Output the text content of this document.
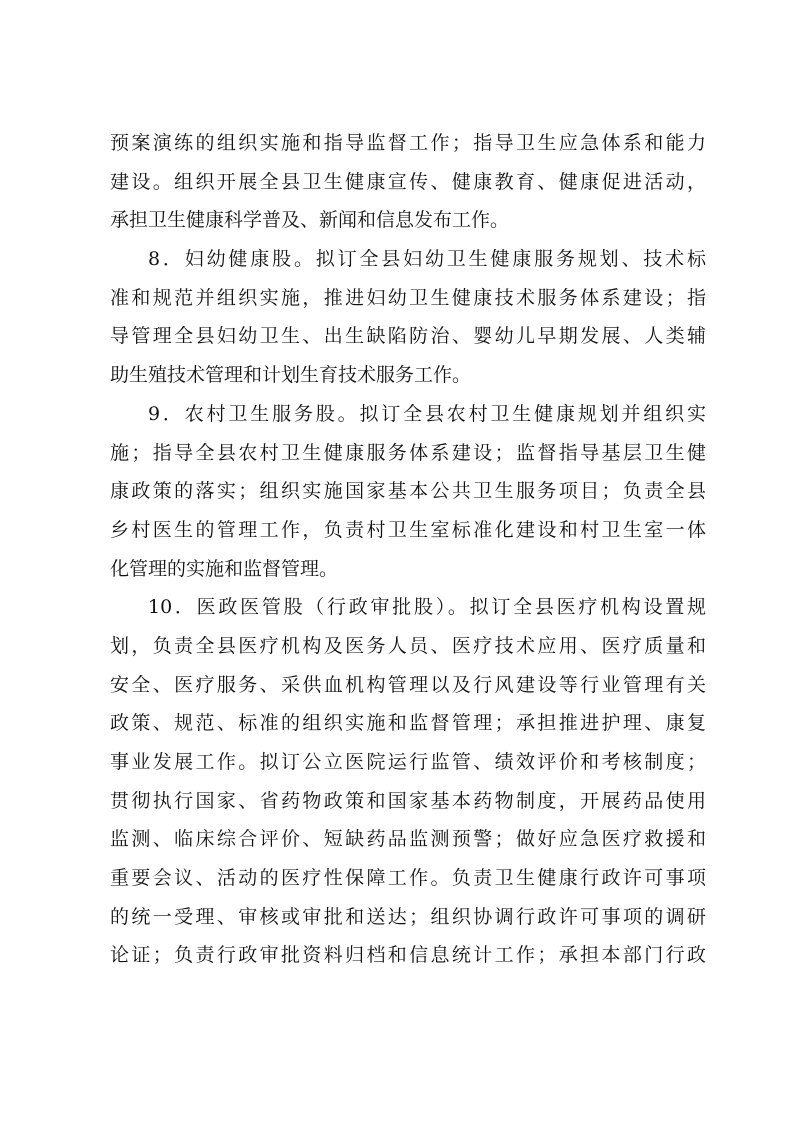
预案演练的组织实施和指导监督工作；指导卫生应急体系和能力
建设。组织开展全县卫生健康宣传、健康教育、健康促进活动，
承担卫生健康科学普及、新闻和信息发布工作。
8．妇幼健康股。拟订全县妇幼卫生健康服务规划、技术标
准和规范并组织实施，推进妇幼卫生健康技术服务体系建设；指
导管理全县妇幼卫生、出生缺陷防治、婴幼儿早期发展、人类辅
助生殖技术管理和计划生育技术服务工作。
9．农村卫生服务股。拟订全县农村卫生健康规划并组织实
施；指导全县农村卫生健康服务体系建设；监督指导基层卫生健
康政策的落实；组织实施国家基本公共卫生服务项目；负责全县
乡村医生的管理工作，负责村卫生室标准化建设和村卫生室一体
化管理的实施和监督管理。
10．医政医管股（行政审批股）。拟订全县医疗机构设置规
划，负责全县医疗机构及医务人员、医疗技术应用、医疗质量和
安全、医疗服务、采供血机构管理以及行风建设等行业管理有关
政策、规范、标准的组织实施和监督管理；承担推进护理、康复
事业发展工作。拟订公立医院运行监管、绩效评价和考核制度；
贯彻执行国家、省药物政策和国家基本药物制度，开展药品使用
监测、临床综合评价、短缺药品监测预警；做好应急医疗救援和
重要会议、活动的医疗性保障工作。负责卫生健康行政许可事项
的统一受理、审核或审批和送达；组织协调行政许可事项的调研
论证；负责行政审批资料归档和信息统计工作；承担本部门行政
